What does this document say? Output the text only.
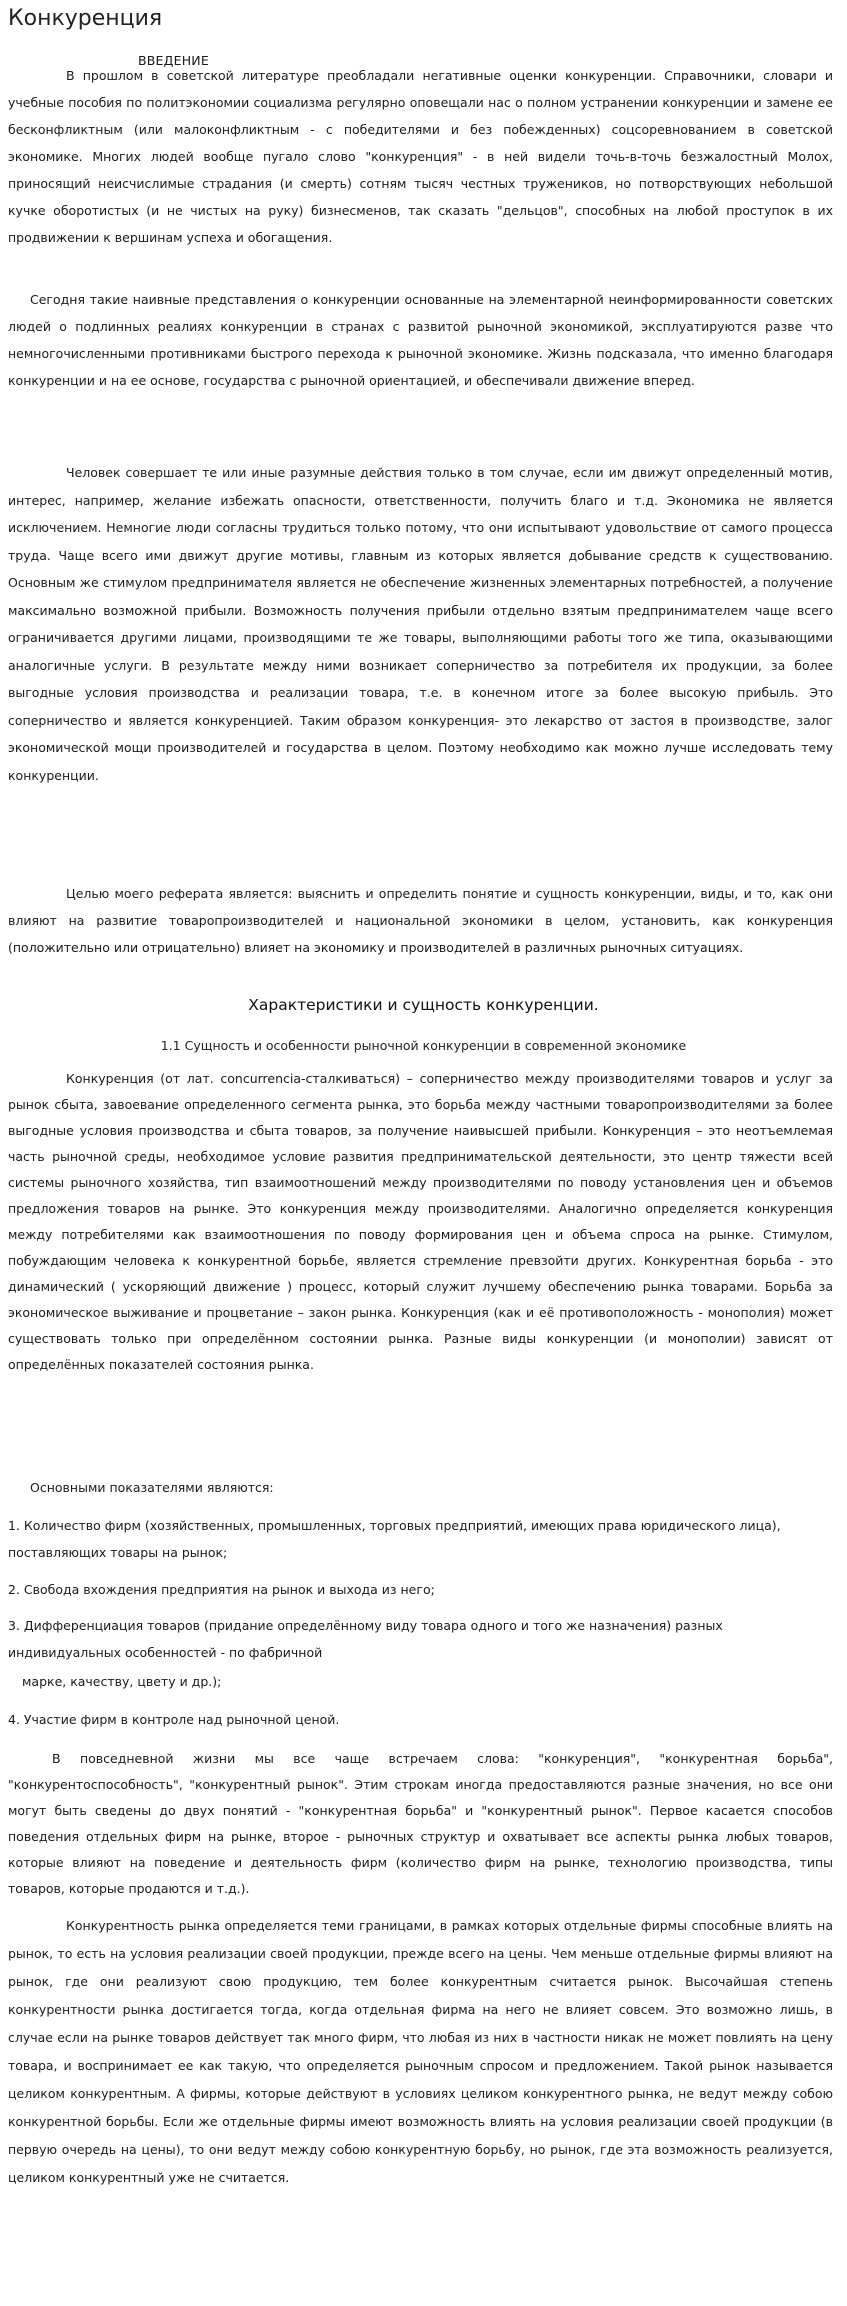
Конкуренция
ВВЕДЕНИЕ

В прошлом в советской литературе преобладали негативные оценки конкуренции. Справочники, словари и учебные пособия по политэкономии социализма регулярно оповещали нас о полном устранении конкуренции и замене ее бесконфликтным (или малоконфликтным - с победителями и без побежденных) соцсоревнованием в советской экономике. Многих людей вообще пугало слово "конкуренция" - в ней видели точь-в-точь безжалостный Молох, приносящий неисчислимые страдания (и смерть) сотням тысяч честных тружеников, но потворствующих небольшой кучке оборотистых (и не чистых на руку) бизнесменов, так сказать "дельцов", способных на любой проступок в их продвижении к вершинам успеха и обогащения.

Сегодня такие наивные представления о конкуренции основанные на элементарной неинформированности советских людей о подлинных реалиях конкуренции в странах с развитой рыночной экономикой, эксплуатируются разве что немногочисленными противниками быстрого перехода к рыночной экономике. Жизнь подсказала, что именно благодаря конкуренции и на ее основе, государства с рыночной ориентацией, и обеспечивали движение вперед.

Человек совершает те или иные разумные действия только в том случае, если им движут определенный мотив, интерес, например, желание избежать опасности, ответственности, получить благо и т.д. Экономика не является исключением. Немногие люди согласны трудиться только потому, что они испытывают удовольствие от самого процесса труда. Чаще всего ими движут другие мотивы, главным из которых является добывание средств к существованию. Основным же стимулом предпринимателя является не обеспечение жизненных элементарных потребностей, а получение максимально возможной прибыли. Возможность получения прибыли отдельно взятым предпринимателем чаще всего ограничивается другими лицами, производящими те же товары, выполняющими работы того же типа, оказывающими аналогичные услуги. В результате между ними возникает соперничество за потребителя их продукции, за более выгодные условия производства и реализации товара, т.е. в конечном итоге за более высокую прибыль. Это соперничество и является конкуренцией. Таким образом конкуренция- это лекарство от застоя в производстве, залог экономической мощи производителей и государства в целом. Поэтому необходимо как можно лучше исследовать тему конкуренции.

Целью моего реферата является: выяснить и определить понятие и сущность конкуренции, виды, и то, как они влияют на развитие товаропроизводителей и национальной экономики в целом, установить, как конкуренция (положительно или отрицательно) влияет на экономику и производителей в различных рыночных ситуациях.

Характеристики и сущность конкуренции.
1.1 Сущность и особенности рыночной конкуренции в современной экономике

Конкуренция (от лат. concurrencia-сталкиваться) – соперничество между производителями товаров и услуг за рынок сбыта, завоевание определенного сегмента рынка, это борьба между частными товаропроизводителями за более выгодные условия производства и сбыта товаров, за получение наивысшей прибыли. Конкуренция – это неотъемлемая часть рыночной среды, необходимое условие развития предпринимательской деятельности, это центр тяжести всей системы рыночного хозяйства, тип взаимоотношений между производителями по поводу установления цен и объемов предложения товаров на рынке. Это конкуренция между производителями. Аналогично определяется конкуренция между потребителями как взаимоотношения по поводу формирования цен и объема спроса на рынке. Стимулом, побуждающим человека к конкурентной борьбе, является стремление превзойти других. Конкурентная борьба - это динамический ( ускоряющий движение ) процесс, который служит лучшему обеспечению рынка товарами. Борьба за экономическое выживание и процветание – закон рынка. Конкуренция (как и её противоположность - монополия) может существовать только при определённом состоянии рынка. Разные виды конкуренции (и монополии) зависят от определённых показателей состояния рынка.

Основными показателями являются:

1. Количество фирм (хозяйственных, промышленных, торговых предприятий, имеющих права юридического лица), поставляющих товары на рынок;

2. Свобода вхождения предприятия на рынок и выхода из него;

3. Дифференциация товаров (придание определённому виду товара одного и того же назначения) разных индивидуальных особенностей - по фабричной

марке, качеству, цвету и др.);

4. Участие фирм в контроле над рыночной ценой.

В повседневной жизни мы все чаще встречаем слова: "конкуренция", "конкурентная борьба", "конкурентоспособность", "конкурентный рынок". Этим строкам иногда предоставляются разные значения, но все они могут быть сведены до двух понятий - "конкурентная борьба" и "конкурентный рынок". Первое касается способов поведения отдельных фирм на рынке, второе - рыночных структур и охватывает все аспекты рынка любых товаров, которые влияют на поведение и деятельность фирм (количество фирм на рынке, технологию производства, типы товаров, которые продаются и т.д.).

Конкурентность рынка определяется теми границами, в рамках которых отдельные фирмы способные влиять на рынок, то есть на условия реализации своей продукции, прежде всего на цены. Чем меньше отдельные фирмы влияют на рынок, где они реализуют свою продукцию, тем более конкурентным считается рынок. Высочайшая степень конкурентности рынка достигается тогда, когда отдельная фирма на него не влияет совсем. Это возможно лишь, в случае если на рынке товаров действует так много фирм, что любая из них в частности никак не может повлиять на цену товара, и воспринимает ее как такую, что определяется рыночным спросом и предложением. Такой рынок называется целиком конкурентным. А фирмы, которые действуют в условиях целиком конкурентного рынка, не ведут между собою конкурентной борьбы. Если же отдельные фирмы имеют возможность влиять на условия реализации своей продукции (в первую очередь на цены), то они ведут между собою конкурентную борьбу, но рынок, где эта возможность реализуется, целиком конкурентный уже не считается.
